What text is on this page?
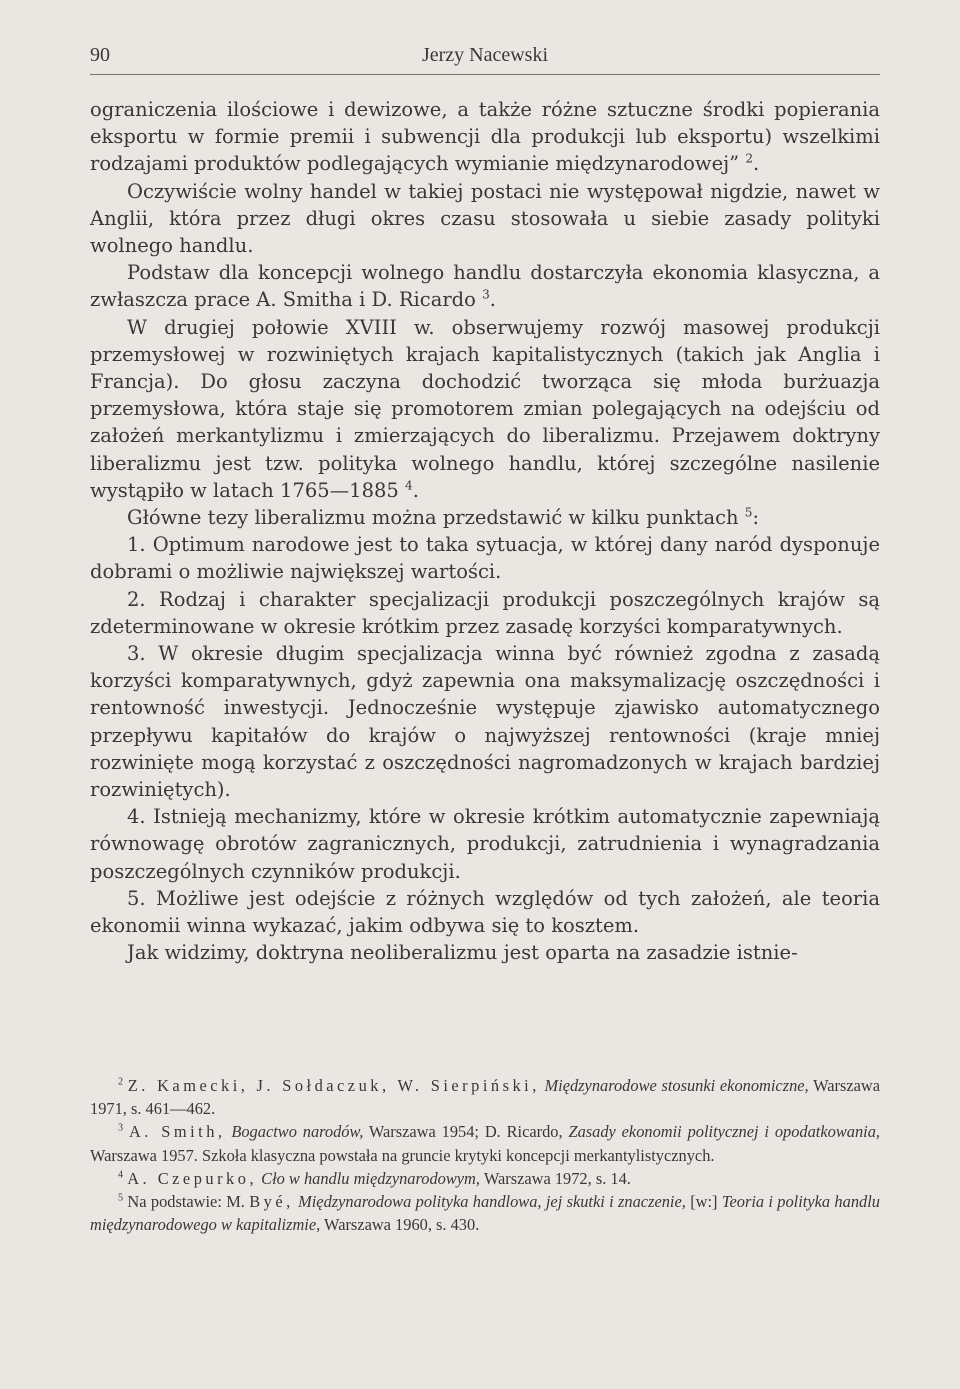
90	Jerzy Nacewski

ograniczenia ilościowe i dewizowe, a także różne sztuczne środki popierania eksportu w formie premii i subwencji dla produkcji lub eksportu) wszelkimi rodzajami produktów podlegających wymianie międzynarodowej” $^2$.

Oczywiście wolny handel w takiej postaci nie występował nigdzie, nawet w Anglii, która przez długi okres czasu stosowała u siebie zasady polityki wolnego handlu.

Podstaw dla koncepcji wolnego handlu dostarczyła ekonomia klasyczna, a zwłaszcza prace A. Smitha i D. Ricardo $^3$.

W drugiej połowie XVIII w. obserwujemy rozwój masowej produkcji przemysłowej w rozwiniętych krajach kapitalistycznych (takich jak Anglia i Francja). Do głosu zaczyna dochodzić tworząca się młoda burżuazja przemysłowa, która staje się promotorem zmian polegających na odejściu od założeń merkantylizmu i zmierzających do liberalizmu. Przejawem doktryny liberalizmu jest tzw. polityka wolnego handlu, której szczególne nasilenie wystąpiło w latach 1765—1885 $^4$.

Główne tezy liberalizmu można przedstawić w kilku punktach $^5$:

1. Optimum narodowe jest to taka sytuacja, w której dany naród dysponuje dobrami o możliwie największej wartości.

2. Rodzaj i charakter specjalizacji produkcji poszczególnych krajów są zdeterminowane w okresie krótkim przez zasadę korzyści komparatywnych.

3. W okresie długim specjalizacja winna być również zgodna z zasadą korzyści komparatywnych, gdyż zapewnia ona maksymalizację oszczędności i rentowność inwestycji. Jednocześnie występuje zjawisko automatycznego przepływu kapitałów do krajów o najwyższej rentowności (kraje mniej rozwinięte mogą korzystać z oszczędności nagromadzonych w krajach bardziej rozwiniętych).

4. Istnieją mechanizmy, które w okresie krótkim automatycznie zapewniają równowagę obrotów zagranicznych, produkcji, zatrudnienia i wynagradzania poszczególnych czynników produkcji.

5. Możliwe jest odejście z różnych względów od tych założeń, ale teoria ekonomii winna wykazać, jakim odbywa się to kosztem.

Jak widzimy, doktryna neoliberalizmu jest oparta na zasadzie istnie-

$^2$ Z. Kamecki, J. Sołdaczuk, W. Sierpiński, Międzynarodowe stosunki ekonomiczne, Warszawa 1971, s. 461—462.

$^3$ A. Smith, Bogactwo narodów, Warszawa 1954; D. Ricardo, Zasady ekonomii politycznej i opodatkowania, Warszawa 1957. Szkoła klasyczna powstała na gruncie krytyki koncepcji merkantylistycznych.

$^4$ A. Czepurko, Cło w handlu międzynarodowym, Warszawa 1972, s. 14.

$^5$ Na podstawie: M. Byé, Międzynarodowa polityka handlowa, jej skutki i znaczenie, [w:] Teoria i polityka handlu międzynarodowego w kapitalizmie, Warszawa 1960, s. 430.
